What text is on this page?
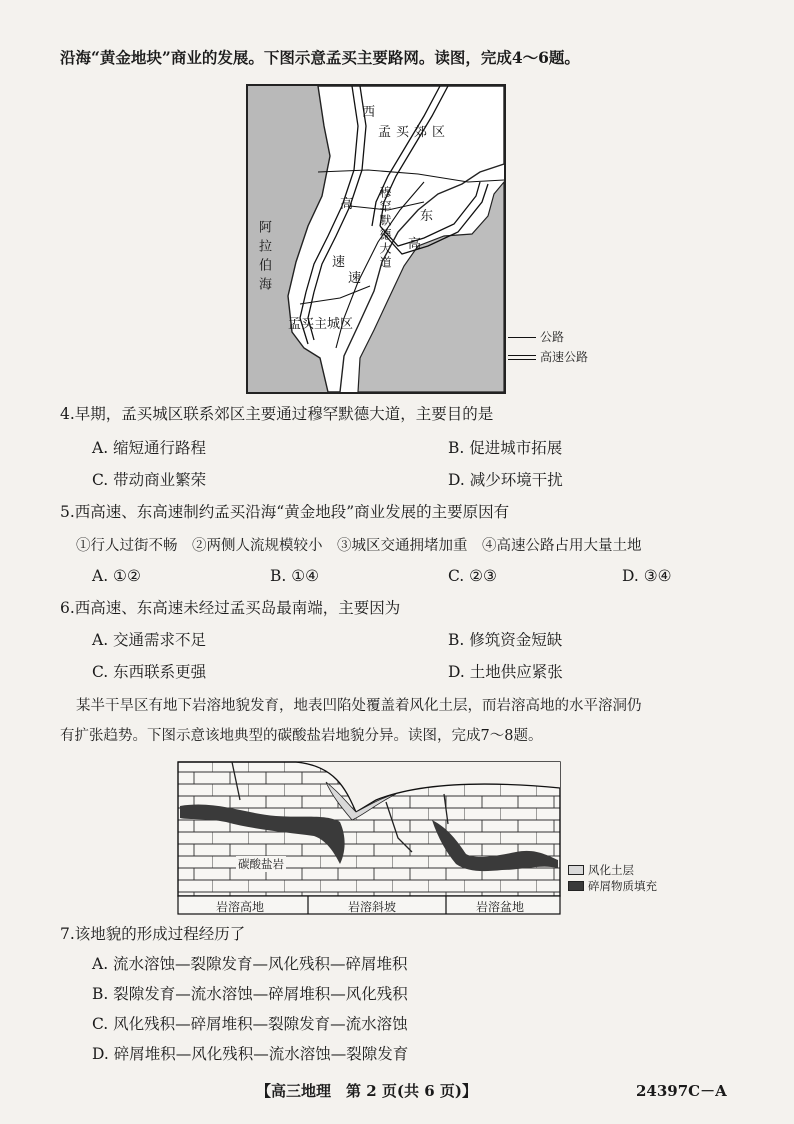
沿海“黄金地块”商业的发展。下图示意孟买主要路网。读图，完成4～6题。
西
孟买郊区
高
速	穆罕默德大道 东
高
速
阿拉伯海
孟买主城区
公路
高速公路
4.早期，孟买城区联系郊区主要通过穆罕默德大道，主要目的是
A. 缩短通行路程	B. 促进城市拓展
C. 带动商业繁荣	D. 减少环境干扰
5.西高速、东高速制约孟买沿海“黄金地段”商业发展的主要原因有
①行人过街不畅　②两侧人流规模较小　③城区交通拥堵加重　④高速公路占用大量土地
A. ①②	B. ①④	C. ②③	D. ③④
6.西高速、东高速未经过孟买岛最南端，主要因为
A. 交通需求不足	B. 修筑资金短缺
C. 东西联系更强	D. 土地供应紧张
某半干旱区有地下岩溶地貌发育，地表凹陷处覆盖着风化土层，而岩溶高地的水平溶洞仍
有扩张趋势。下图示意该地典型的碳酸盐岩地貌分异。读图，完成7～8题。
碳酸盐岩
岩溶高地	岩溶斜坡	岩溶盆地
风化土层
碎屑物质填充
7.该地貌的形成过程经历了
A. 流水溶蚀—裂隙发育—风化残积—碎屑堆积
B. 裂隙发育—流水溶蚀—碎屑堆积—风化残积
C. 风化残积—碎屑堆积—裂隙发育—流水溶蚀
D. 碎屑堆积—风化残积—流水溶蚀—裂隙发育
【高三地理　第 2 页(共 6 页)】	24397C－A
